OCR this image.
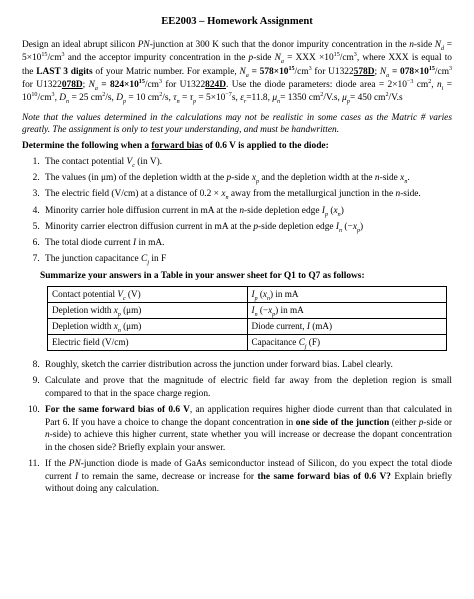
EE2003 – Homework Assignment

Design an ideal abrupt silicon PN-junction at 300 K such that the donor impurity concentration in the n-side $N_d = 5\times 10^{15}/cm^3$ and the acceptor impurity concentration in the p-side $N_a$ = XXX $\times 10^{15}/cm^3$, where XXX is equal to the LAST 3 digits of your Matric number. For example, $N_a = 578\times 10^{15}/cm^3$ for U1322578D; $N_a = 078\times 10^{15}/cm^3$ for U1322078D; $N_a = 824\times 10^{15}/cm^3$ for U1322824D. Use the diode parameters: diode area = $2\times 10^{-3}$ $cm^2$, $n_i = 10^{10}/cm^3$, $D_n = 25$ $cm^2/s$, $D_p = 10$ $cm^2/s$, $\tau_n = \tau_p = 5\times 10^{-7}s$, $\varepsilon_r=11.8$, $\mu_n= 1350$ $cm^2/V.s$, $\mu_p= 450$ $cm^2/V.s$

Note that the values determined in the calculations may not be realistic in some cases as the Matric # varies greatly. The assignment is only to test your understanding, and must be handwritten.

Determine the following when a forward bias of 0.6 V is applied to the diode:
1. The contact potential $V_c$ (in V).
2. The values (in μm) of the depletion width at the p-side $x_p$ and the depletion width at the n-side $x_n$.
3. The electric field (V/cm) at a distance of $0.2 \times x_n$ away from the metallurgical junction in the n-side.
4. Minority carrier hole diffusion current in mA at the n-side depletion edge $I_p$ $(x_n)$
5. Minority carrier electron diffusion current in mA at the p-side depletion edge $I_n$ $(-x_p)$
6. The total diode current I in mA.
7. The junction capacitance $C_j$ in F
Summarize your answers in a Table in your answer sheet for Q1 to Q7 as follows:
Contact potential $V_c$ (V)	$I_p$ $(x_n)$ in mA
Depletion width $x_p$ (μm)	$I_n$ $(-x_p)$ in mA
Depletion width $x_n$ (μm)	Diode current, I (mA)
Electric field (V/cm)	Capacitance $C_j$ (F)
8. Roughly, sketch the carrier distribution across the junction under forward bias. Label clearly.
9. Calculate and prove that the magnitude of electric field far away from the depletion region is small compared to that in the space charge region.
10. For the same forward bias of 0.6 V, an application requires higher diode current than that calculated in Part 6. If you have a choice to change the dopant concentration in one side of the junction (either p-side or n-side) to achieve this higher current, state whether you will increase or decrease the dopant concentration in the chosen side? Briefly explain your answer.
11. If the PN-junction diode is made of GaAs semiconductor instead of Silicon, do you expect the total diode current I to remain the same, decrease or increase for the same forward bias of 0.6 V? Explain briefly without doing any calculation.
